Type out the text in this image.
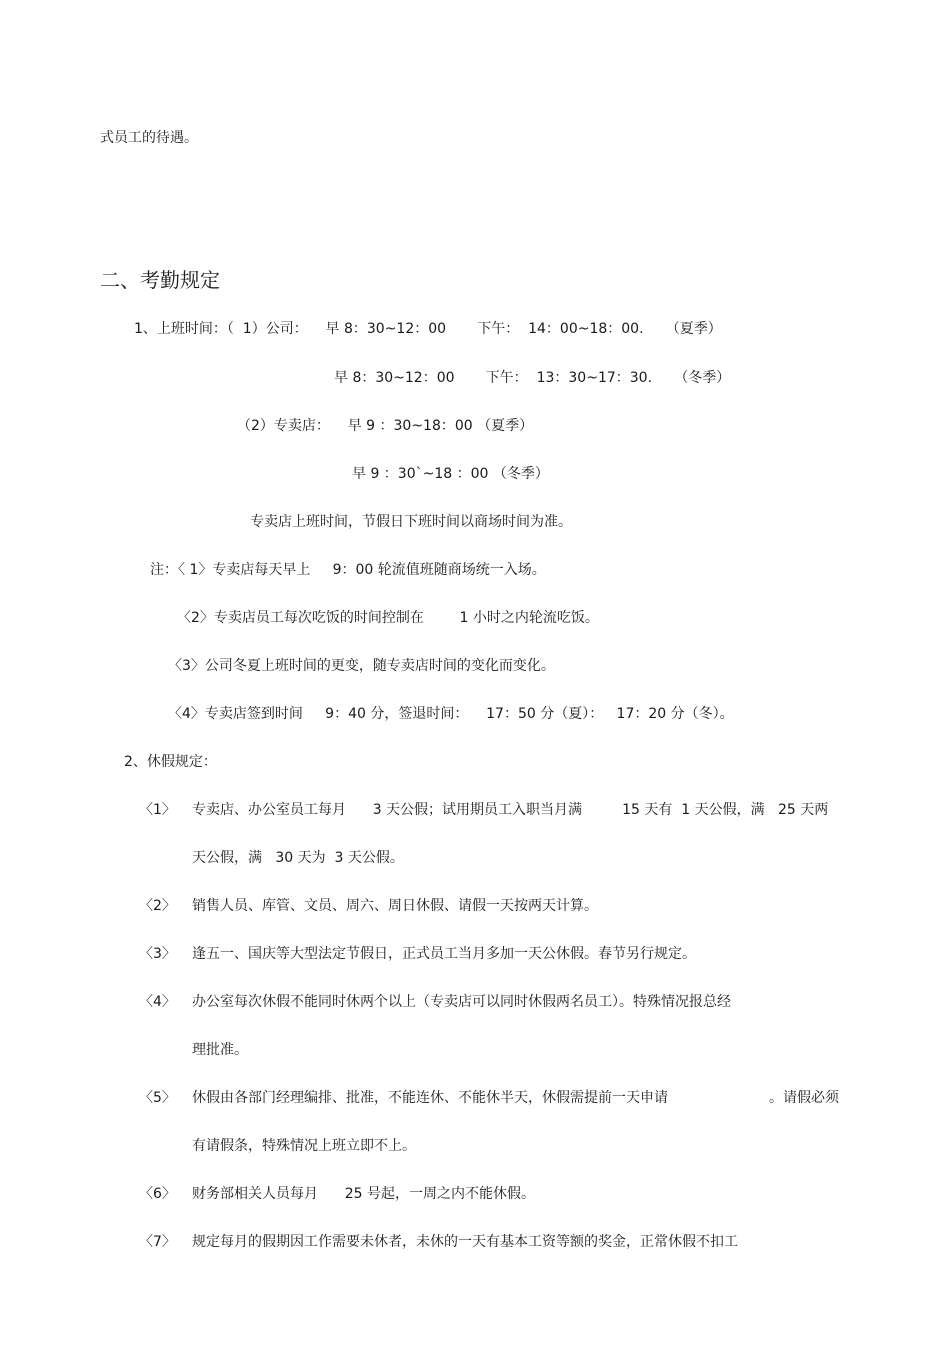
式员工的待遇。
二、考勤规定
1、上班时间：（  1）公司：    早 8：30~12：00       下午：  14：00~18：00.     （夏季）
早 8：30~12：00       下午：  13：30~17：30.     （冬季）
（2）专卖店：    早 9 ：30~18：00 （夏季）
早 9 ：30`~18 ：00 （冬季）
专卖店上班时间，节假日下班时间以商场时间为准。
注：〈 1〉专卖店每天早上     9：00 轮流值班随商场统一入场。
〈2〉专卖店员工每次吃饭的时间控制在        1 小时之内轮流吃饭。
〈3〉公司冬夏上班时间的更变，随专卖店时间的变化而变化。
〈4〉专卖店签到时间     9：40 分，签退时间：    17：50 分（夏）：   17：20 分（冬）。
2、休假规定：
〈1〉 专卖店、办公室员工每月      3 天公假；试用期员工入职当月满         15 天有  1 天公假，满   25 天两
天公假，满   30 天为  3 天公假。
〈2〉 销售人员、库管、文员、周六、周日休假、请假一天按两天计算。
〈3〉 逢五一、国庆等大型法定节假日，正式员工当月多加一天公休假。春节另行规定。
〈4〉 办公室每次休假不能同时休两个以上（专卖店可以同时休假两名员工）。特殊情况报总经
理批准。
〈5〉 休假由各部门经理编排、批准，不能连休、不能休半天，休假需提前一天申请	。请假必须
有请假条，特殊情况上班立即不上。
〈6〉 财务部相关人员每月      25 号起，一周之内不能休假。
〈7〉 规定每月的假期因工作需要未休者，未休的一天有基本工资等额的奖金，正常休假不扣工
